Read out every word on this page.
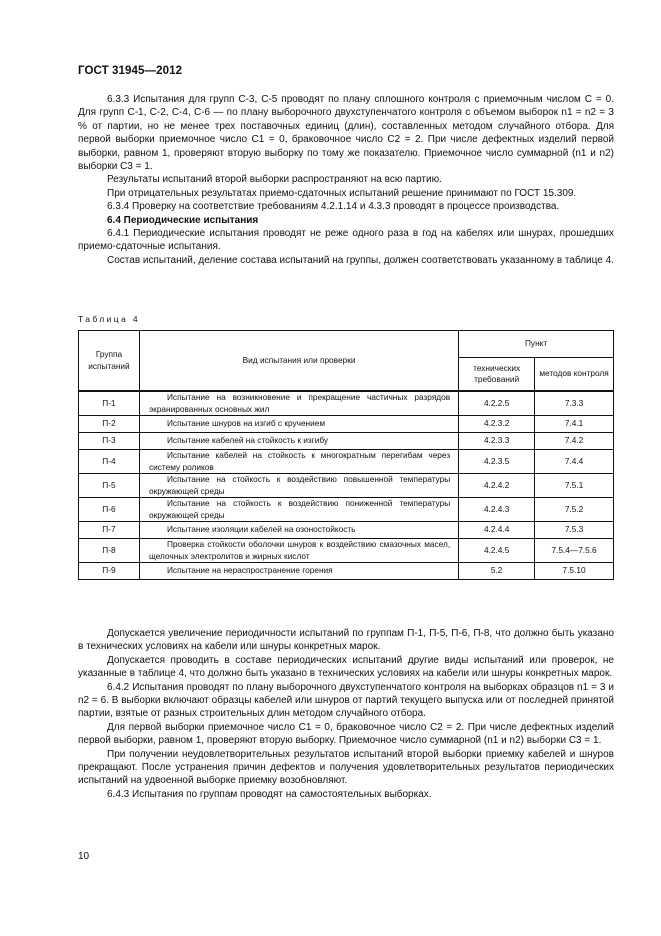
ГОСТ 31945—2012

6.3.3 Испытания для групп С-3, С-5 проводят по плану сплошного контроля с приемочным числом C = 0. Для групп С-1, С-2, С-4, С-6 — по плану выборочного двухступенчатого контроля с объемом выборок n1 = n2 = 3 % от партии, но не менее трех поставочных единиц (длин), составленных методом случайного отбора. Для первой выборки приемочное число C1 = 0, браковочное число C2 = 2. При числе дефектных изделий первой выборки, равном 1, проверяют вторую выборку по тому же показателю. Приемочное число суммарной (n1 и n2) выборки C3 = 1.

Результаты испытаний второй выборки распространяют на всю партию.

При отрицательных результатах приемо-сдаточных испытаний решение принимают по ГОСТ 15.309.

6.3.4 Проверку на соответствие требованиям 4.2.1.14 и 4.3.3 проводят в процессе производства.

6.4 Периодические испытания

6.4.1 Периодические испытания проводят не реже одного раза в год на кабелях или шнурах, прошедших приемо-сдаточные испытания.

Состав испытаний, деление состава испытаний на группы, должен соответствовать указанному в таблице 4.

Таблица 4
Группа испытаний	Вид испытания или проверки	Пункт	
		технических требований	методов контроля
П-1	Испытание на возникновение и прекращение частичных разрядов экранированных основных жил	4.2.2.5	7.3.3
П-2	Испытание шнуров на изгиб с кручением	4.2.3.2	7.4.1
П-3	Испытание кабелей на стойкость к изгибу	4.2.3.3	7.4.2
П-4	Испытание кабелей на стойкость к многократным перегибам через систему роликов	4.2.3.5	7.4.4
П-5	Испытание на стойкость к воздействию повышенной температуры окружающей среды	4.2.4.2	7.5.1
П-6	Испытание на стойкость к воздействию пониженной температуры окружающей среды	4.2.4.3	7.5.2
П-7	Испытание изоляции кабелей на озоностойкость	4.2.4.4	7.5.3
П-8	Проверка стойкости оболочки шнуров к воздействию смазочных масел, щелочных электролитов и жирных кислот	4.2.4.5	7.5.4—7.5.6
П-9	Испытание на нераспространение горения	5.2	7.5.10

Допускается увеличение периодичности испытаний по группам П-1, П-5, П-6, П-8, что должно быть указано в технических условиях на кабели или шнуры конкретных марок.

Допускается проводить в составе периодических испытаний другие виды испытаний или проверок, не указанные в таблице 4, что должно быть указано в технических условиях на кабели или шнуры конкретных марок.

6.4.2 Испытания проводят по плану выборочного двухступенчатого контроля на выборках образцов n1 = 3 и n2 = 6. В выборки включают образцы кабелей или шнуров от партий текущего выпуска или от последней принятой партии, взятые от разных строительных длин методом случайного отбора.

Для первой выборки приемочное число C1 = 0, браковочное число C2 = 2. При числе дефектных изделий первой выборки, равном 1, проверяют вторую выборку. Приемочное число суммарной (n1 и n2) выборки C3 = 1.

При получении неудовлетворительных результатов испытаний второй выборки приемку кабелей и шнуров прекращают. После устранения причин дефектов и получения удовлетворительных результатов периодических испытаний на удвоенной выборке приемку возобновляют.

6.4.3 Испытания по группам проводят на самостоятельных выборках.

10
